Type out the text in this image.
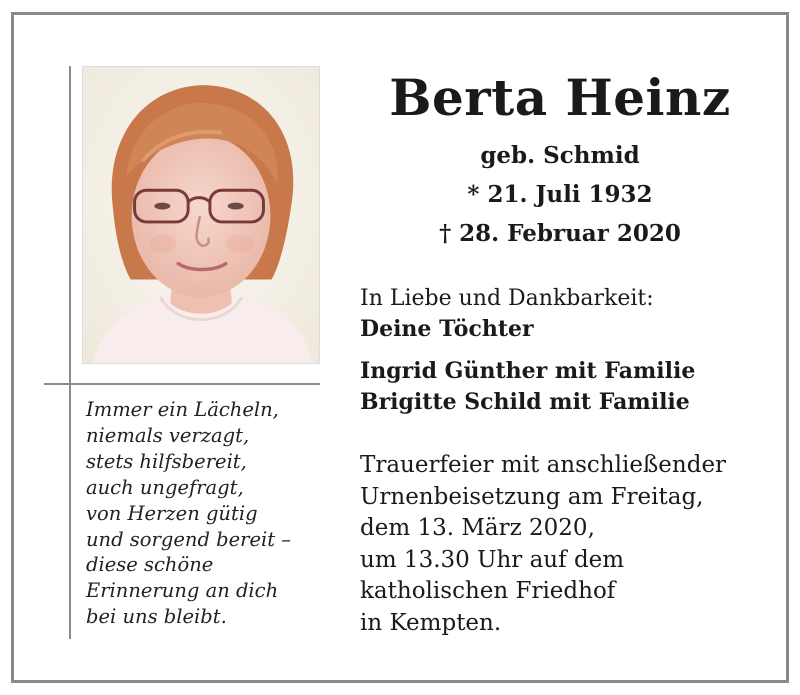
Immer ein Lächeln,
niemals verzagt,
stets hilfsbereit,
auch ungefragt,
von Herzen gütig
und sorgend bereit –
diese schöne
Erinnerung an dich
bei uns bleibt.
Berta Heinz
geb. Schmid
* 21. Juli 1932
† 28. Februar 2020
In Liebe und Dankbarkeit:
Deine Töchter
Ingrid Günther mit Familie
Brigitte Schild mit Familie
Trauerfeier mit anschließender
Urnenbeisetzung am Freitag,
dem 13. März 2020,
um 13.30 Uhr auf dem
katholischen Friedhof
in Kempten.
